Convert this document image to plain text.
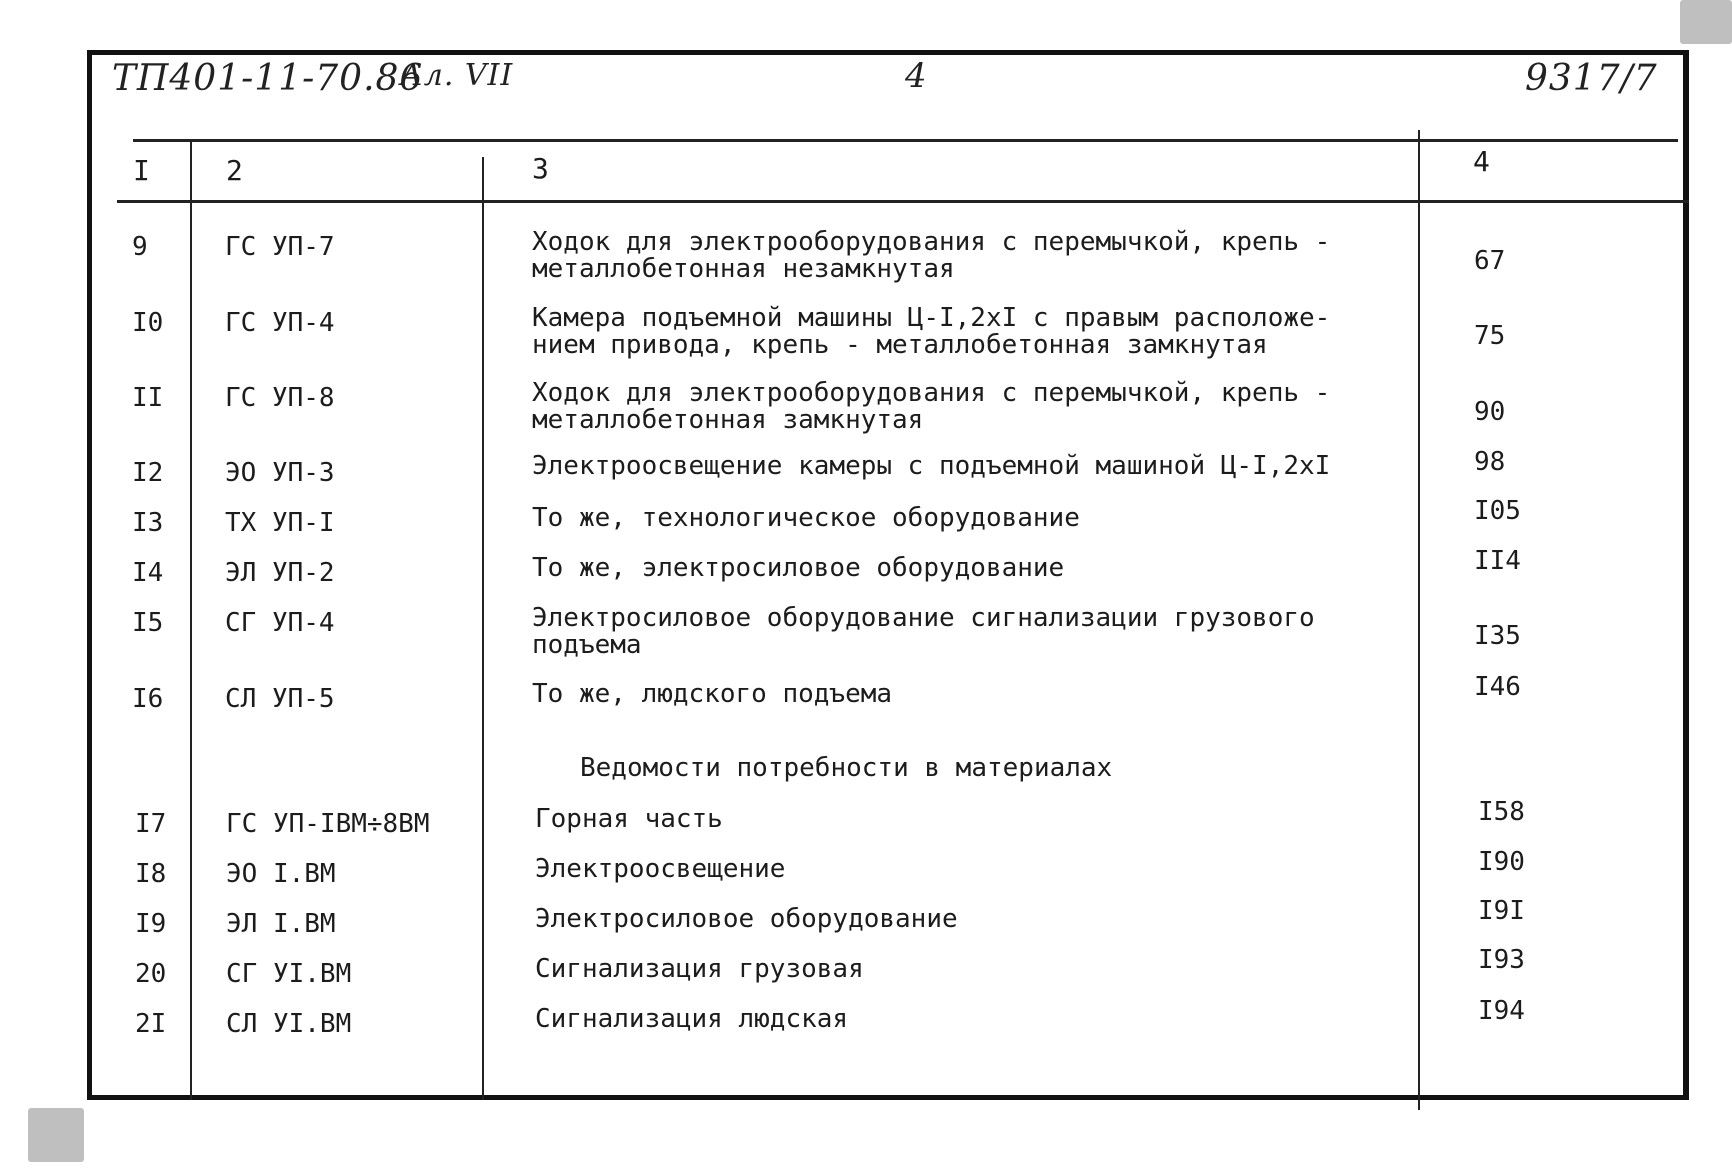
ТП401-11-70.86
Ал. VII	4	9317/7
I	2	3	4
9	ГС УП-7	Ходок для электрооборудования с перемычкой, крепь - металлобетонная незамкнутая	67
I0 ГС УП-4	Камера подъемной машины Ц-I,2хI с правым расположе-нием привода, крепь - металлобетонная замкнутая	75
II ГС УП-8	Ходок для электрооборудования с перемычкой, крепь - металлобетонная замкнутая	90
I2 ЭО УП-3	Электроосвещение камеры с подъемной машиной Ц-I,2хI	98
I3 ТХ УП-I	То же, технологическое оборудование	I05
I4 ЭЛ УП-2	То же, электросиловое оборудование	II4
I5 СГ УП-4	Электросиловое оборудование сигнализации грузового подъема	I35
I6 СЛ УП-5	То же, людского подъема	I46
Ведомости потребности в материалах
I7 ГС УП-IВМ÷8ВМ	Горная часть	I58
I8 ЭО I.ВМ	Электроосвещение	I90
I9 ЭЛ I.ВМ	Электросиловое оборудование	I9I
20 СГ УI.ВМ	Сигнализация грузовая	I93
2I СЛ УI.ВМ	Сигнализация людская	I94
